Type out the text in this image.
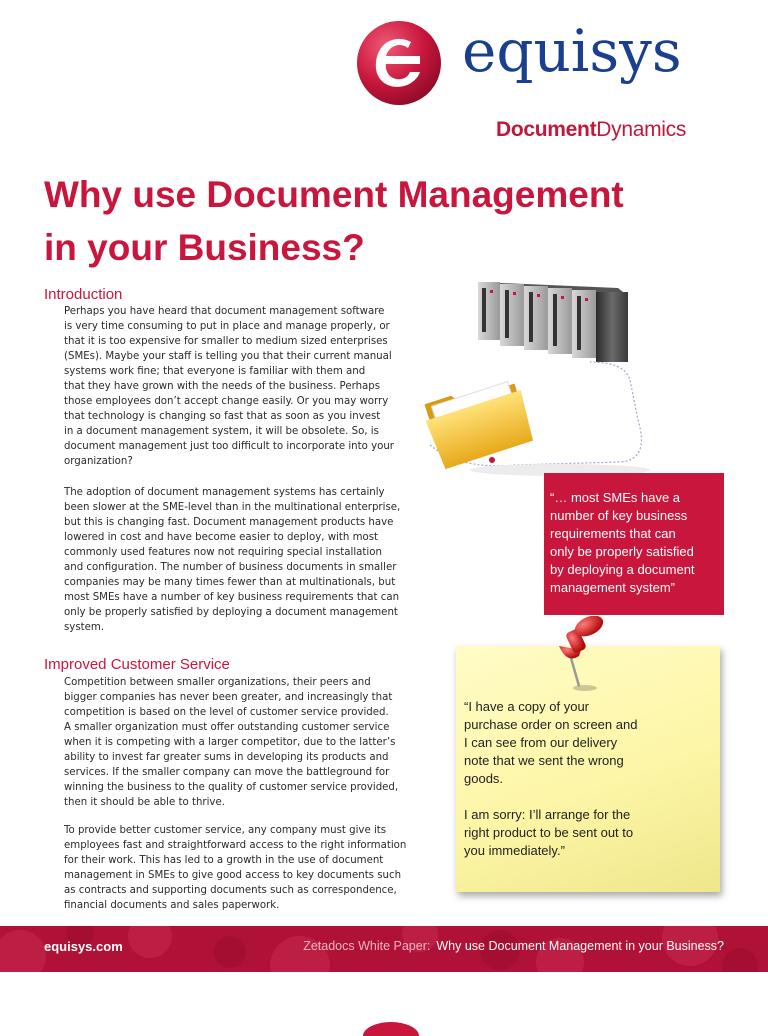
equisys
DocumentDynamics
Why use Document Management
in your Business?
Introduction
Perhaps you have heard that document management software
is very time consuming to put in place and manage properly, or
that it is too expensive for smaller to medium sized enterprises
(SMEs). Maybe your staff is telling you that their current manual
systems work fine; that everyone is familiar with them and
that they have grown with the needs of the business. Perhaps
those employees don’t accept change easily. Or you may worry
that technology is changing so fast that as soon as you invest
in a document management system, it will be obsolete. So, is
document management just too difficult to incorporate into your
organization?
The adoption of document management systems has certainly
been slower at the SME-level than in the multinational enterprise,
but this is changing fast. Document management products have
lowered in cost and have become easier to deploy, with most
commonly used features now not requiring special installation
and configuration. The number of business documents in smaller
companies may be many times fewer than at multinationals, but
most SMEs have a number of key business requirements that can
only be properly satisfied by deploying a document management
system.
Improved Customer Service
Competition between smaller organizations, their peers and
bigger companies has never been greater, and increasingly that
competition is based on the level of customer service provided.
A smaller organization must offer outstanding customer service
when it is competing with a larger competitor, due to the latter’s
ability to invest far greater sums in developing its products and
services. If the smaller company can move the battleground for
winning the business to the quality of customer service provided,
then it should be able to thrive.
To provide better customer service, any company must give its
employees fast and straightforward access to the right information
for their work. This has led to a growth in the use of document
management in SMEs to give good access to key documents such
as contracts and supporting documents such as correspondence,
financial documents and sales paperwork.

“… most SMEs have a

number of key business

requirements that can

only be properly satisfied

by deploying a document

management system”

“I have a copy of your

purchase order on screen and

I can see from our delivery

note that we sent the wrong

goods.

I am sorry: I’ll arrange for the

right product to be sent out to

you immediately.”

equisys.com	Zetadocs White Paper: Why use Document Management in your Business?
